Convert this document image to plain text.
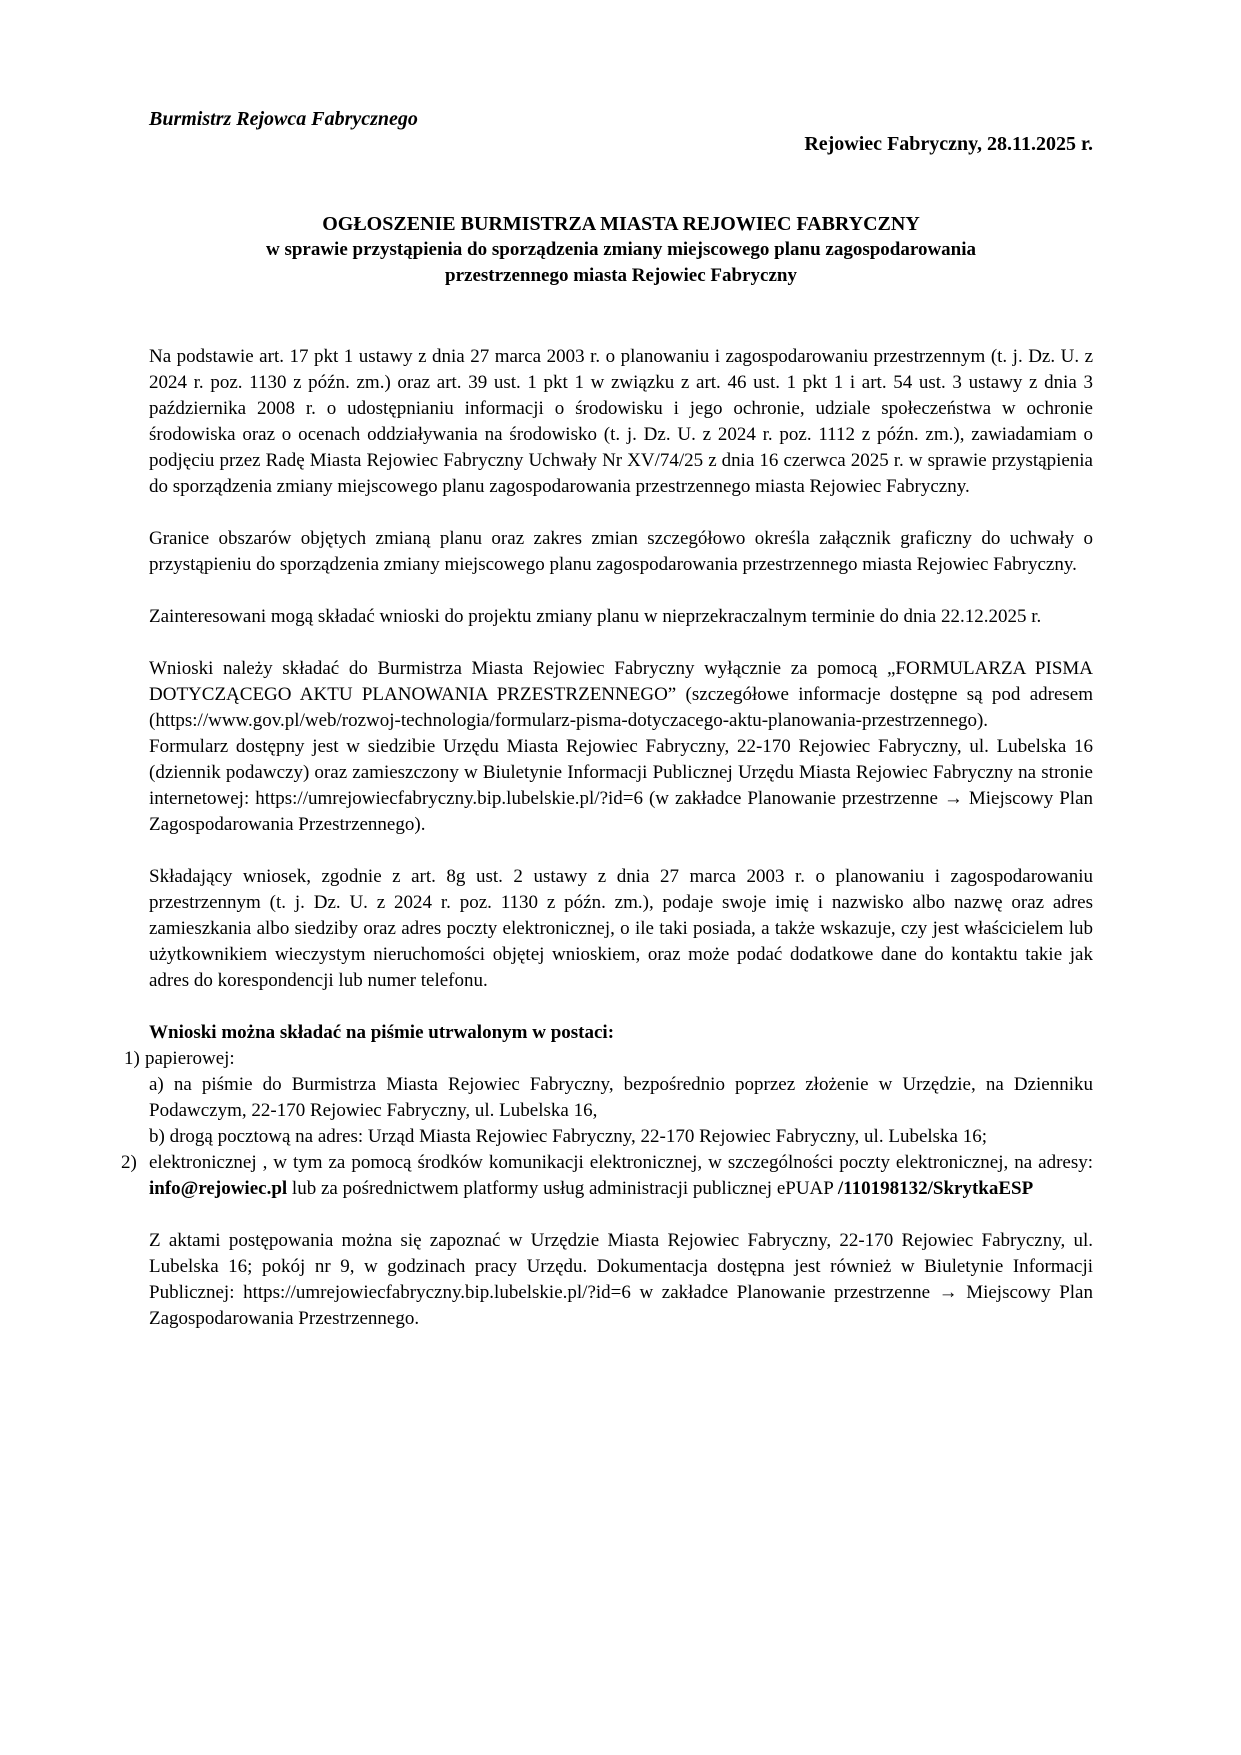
Burmistrz Rejowca Fabrycznego
Rejowiec Fabryczny, 28.11.2025 r.
OGŁOSZENIE BURMISTRZA MIASTA REJOWIEC FABRYCZNY
w sprawie przystąpienia do sporządzenia zmiany miejscowego planu zagospodarowania
przestrzennego miasta Rejowiec Fabryczny

Na podstawie art. 17 pkt 1 ustawy z dnia 27 marca 2003 r. o planowaniu i zagospodarowaniu przestrzennym (t. j. Dz. U. z 2024 r. poz. 1130 z późn. zm.) oraz art. 39 ust. 1 pkt 1 w związku z art. 46 ust. 1 pkt 1 i art. 54 ust. 3 ustawy z dnia 3 października 2008 r. o udostępnianiu informacji o środowisku i jego ochronie, udziale społeczeństwa w ochronie środowiska oraz o ocenach oddziaływania na środowisko (t. j. Dz. U. z 2024 r. poz. 1112 z późn. zm.), zawiadamiam o podjęciu przez Radę Miasta Rejowiec Fabryczny Uchwały Nr XV/74/25 z dnia 16 czerwca 2025 r. w sprawie przystąpienia do sporządzenia zmiany miejscowego planu zagospodarowania przestrzennego miasta Rejowiec Fabryczny.

Granice obszarów objętych zmianą planu oraz zakres zmian szczegółowo określa załącznik graficzny do uchwały o przystąpieniu do sporządzenia zmiany miejscowego planu zagospodarowania przestrzennego miasta Rejowiec Fabryczny.

Zainteresowani mogą składać wnioski do projektu zmiany planu w nieprzekraczalnym terminie do dnia 22.12.2025 r.

Wnioski należy składać do Burmistrza Miasta Rejowiec Fabryczny wyłącznie za pomocą „FORMULARZA PISMA DOTYCZĄCEGO AKTU PLANOWANIA PRZESTRZENNEGO” (szczegółowe informacje dostępne są pod adresem (https://www.gov.pl/web/rozwoj-technologia/formularz-pisma-dotyczacego-aktu-planowania-przestrzennego).

Formularz dostępny jest w siedzibie Urzędu Miasta Rejowiec Fabryczny, 22-170 Rejowiec Fabryczny, ul. Lubelska 16 (dziennik podawczy) oraz zamieszczony w Biuletynie Informacji Publicznej Urzędu Miasta Rejowiec Fabryczny na stronie internetowej: https://umrejowiecfabryczny.bip.lubelskie.pl/?id=6 (w zakładce Planowanie przestrzenne → Miejscowy Plan Zagospodarowania Przestrzennego).

Składający wniosek, zgodnie z art. 8g ust. 2 ustawy z dnia 27 marca 2003 r. o planowaniu i zagospodarowaniu przestrzennym (t. j. Dz. U. z 2024 r. poz. 1130 z późn. zm.), podaje swoje imię i nazwisko albo nazwę oraz adres zamieszkania albo siedziby oraz adres poczty elektronicznej, o ile taki posiada, a także wskazuje, czy jest właścicielem lub użytkownikiem wieczystym nieruchomości objętej wnioskiem, oraz może podać dodatkowe dane do kontaktu takie jak adres do korespondencji lub numer telefonu.

Wnioski można składać na piśmie utrwalonym w postaci:

1) papierowej:

a) na piśmie do Burmistrza Miasta Rejowiec Fabryczny, bezpośrednio poprzez złożenie w Urzędzie, na Dzienniku Podawczym, 22-170 Rejowiec Fabryczny, ul. Lubelska 16,

b) drogą pocztową na adres: Urząd Miasta Rejowiec Fabryczny, 22-170 Rejowiec Fabryczny, ul. Lubelska 16;

2) elektronicznej , w tym za pomocą środków komunikacji elektronicznej, w szczególności poczty elektronicznej, na adresy: info@rejowiec.pl lub za pośrednictwem platformy usług administracji publicznej ePUAP /110198132/SkrytkaESP

Z aktami postępowania można się zapoznać w Urzędzie Miasta Rejowiec Fabryczny, 22-170 Rejowiec Fabryczny, ul. Lubelska 16; pokój nr 9, w godzinach pracy Urzędu. Dokumentacja dostępna jest również w Biuletynie Informacji Publicznej: https://umrejowiecfabryczny.bip.lubelskie.pl/?id=6 w zakładce Planowanie przestrzenne → Miejscowy Plan Zagospodarowania Przestrzennego.
